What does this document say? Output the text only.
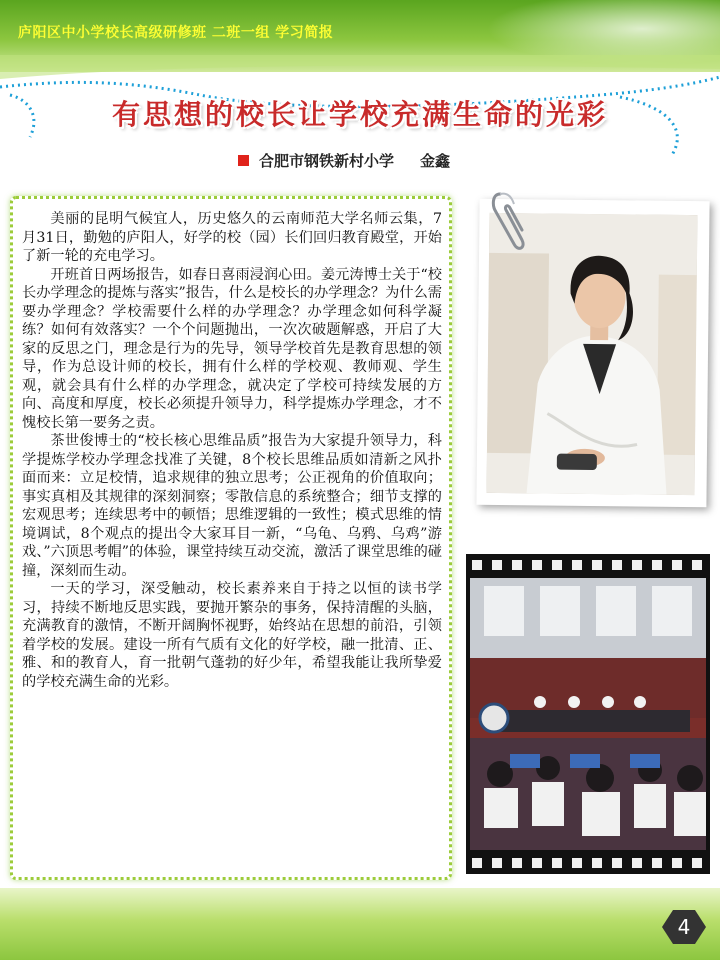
庐阳区中小学校长高级研修班 二班一组 学习简报
有思想的校长让学校充满生命的光彩
合肥市钢铁新村小学 金鑫

美丽的昆明气候宜人，历史悠久的云南师范大学名师云集，7月31日，勤勉的庐阳人，好学的校（园）长们回归教育殿堂，开始了新一轮的充电学习。

开班首日两场报告，如春日喜雨浸润心田。姜元涛博士关于“校长办学理念的提炼与落实”报告，什么是校长的办学理念？为什么需要办学理念？学校需要什么样的办学理念？办学理念如何科学凝练？如何有效落实？一个个问题抛出，一次次破题解惑，开启了大家的反思之门，理念是行为的先导，领导学校首先是教育思想的领导，作为总设计师的校长，拥有什么样的学校观、教师观、学生观，就会具有什么样的办学理念，就决定了学校可持续发展的方向、高度和厚度，校长必须提升领导力，科学提炼办学理念，才不愧校长第一要务之责。

茶世俊博士的“校长核心思维品质”报告为大家提升领导力，科学提炼学校办学理念找准了关键，8个校长思维品质如清新之风扑面而来：立足校情，追求规律的独立思考；公正视角的价值取向；事实真相及其规律的深刻洞察；零散信息的系统整合；细节支撑的宏观思考；连续思考中的顿悟；思维逻辑的一致性；模式思维的情境调试，8个观点的提出令大家耳目一新，“乌龟、乌鸦、乌鸡”游戏、”六顶思考帽”的体验，课堂持续互动交流，激活了课堂思维的碰撞，深刻而生动。

一天的学习，深受触动，校长素养来自于持之以恒的读书学习，持续不断地反思实践，要抛开繁杂的事务，保持清醒的头脑，充满教育的激情，不断开阔胸怀视野，始终站在思想的前沿，引领着学校的发展。建设一所有气质有文化的好学校，融一批清、正、雅、和的教育人，育一批朝气蓬勃的好少年，希望我能让我所挚爱的学校充满生命的光彩。

4
